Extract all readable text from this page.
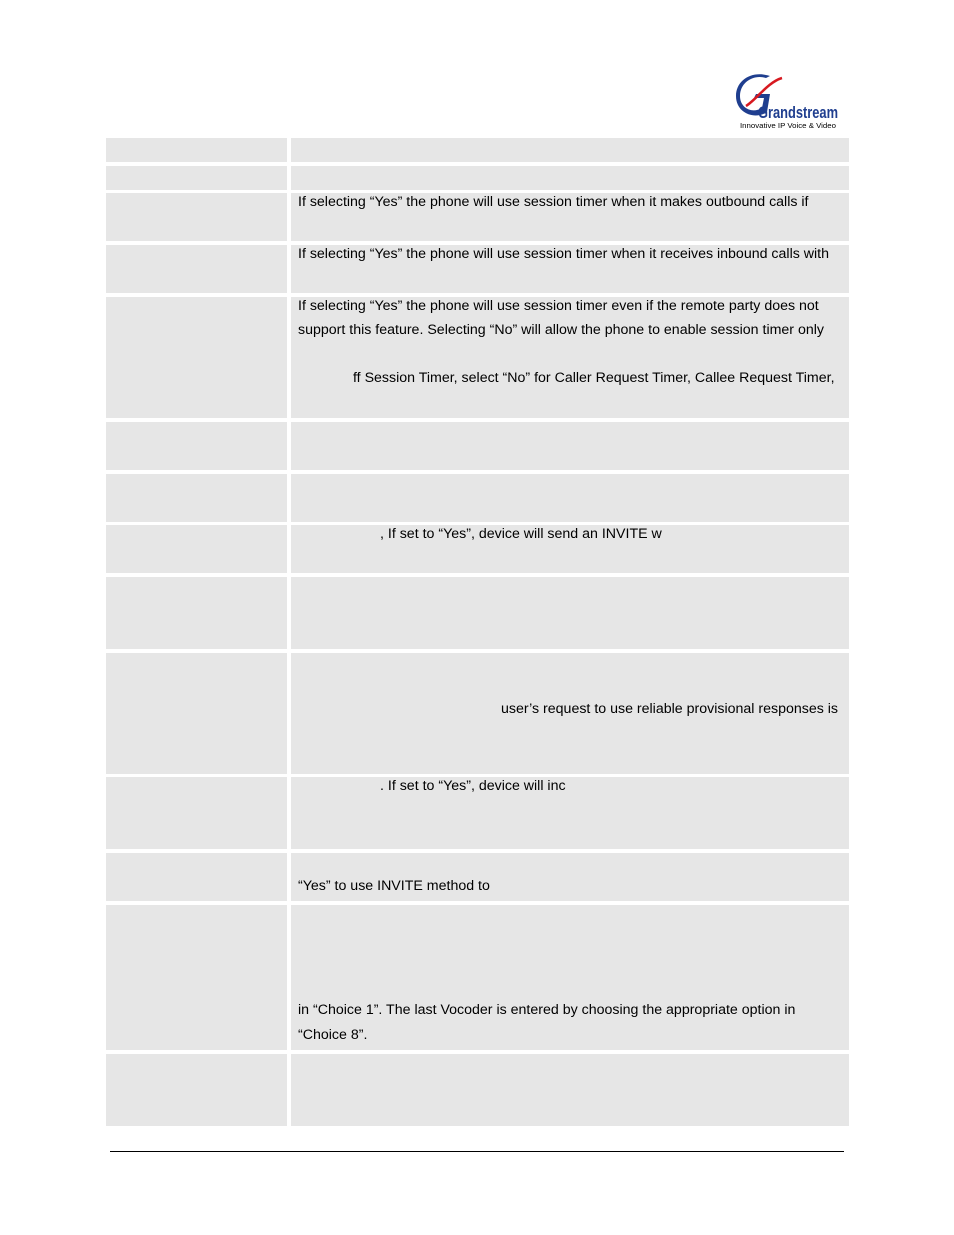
Grandstream
Innovative IP Voice & Video
If selecting “Yes” the phone will use session timer when it makes outbound calls if
If selecting “Yes” the phone will use session timer when it receives inbound calls with
If selecting “Yes” the phone will use session timer even if the remote party does not
support this feature. Selecting “No” will allow the phone to enable session timer only
ff Session Timer, select “No” for Caller Request Timer, Callee Request Timer,
, If set to “Yes”, device will send an INVITE w
user’s request to use reliable provisional responses is
. If set to “Yes”, device will inc
“Yes” to use INVITE method to
in “Choice 1”. The last Vocoder is entered by choosing the appropriate option in
“Choice 8”.
